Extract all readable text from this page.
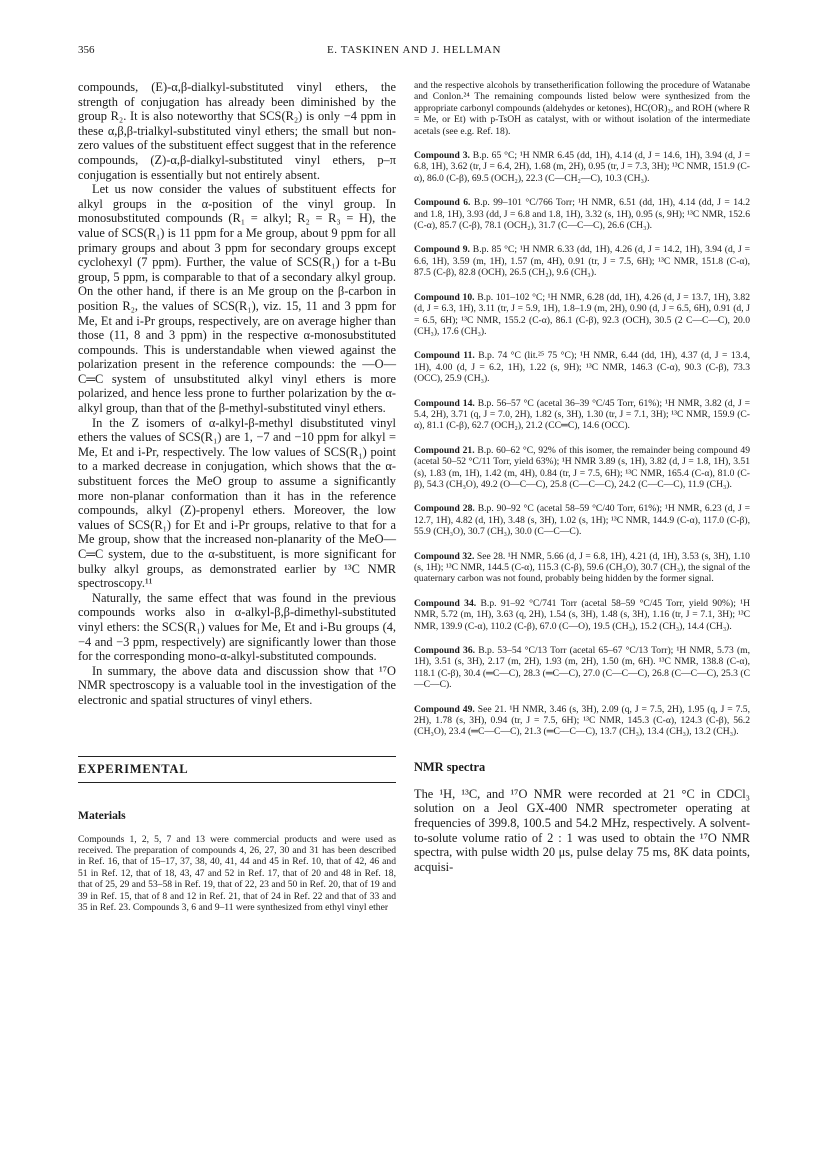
356	E. TASKINEN AND J. HELLMAN

compounds, (E)-α,β-dialkyl-substituted vinyl ethers, the strength of conjugation has already been diminished by the group R₂. It is also noteworthy that SCS(R₂) is only −4 ppm in these α,β,β-trialkyl-substituted vinyl ethers; the small but non-zero values of the substituent effect suggest that in the reference compounds, (Z)-α,β-dialkyl-substituted vinyl ethers, p–π conjugation is essentially but not entirely absent.

Let us now consider the values of substituent effects for alkyl groups in the α-position of the vinyl group. In monosubstituted compounds (R₁ = alkyl; R₂ = R₃ = H), the value of SCS(R₁) is 11 ppm for a Me group, about 9 ppm for all primary groups and about 3 ppm for secondary groups except cyclohexyl (7 ppm). Further, the value of SCS(R₁) for a t-Bu group, 5 ppm, is comparable to that of a secondary alkyl group. On the other hand, if there is an Me group on the β-carbon in position R₂, the values of SCS(R₁), viz. 15, 11 and 3 ppm for Me, Et and i-Pr groups, respectively, are on average higher than those (11, 8 and 3 ppm) in the respective α-monosubstituted compounds. This is understandable when viewed against the polarization present in the reference compounds: the —O—C═C system of unsubstituted alkyl vinyl ethers is more polarized, and hence less prone to further polarization by the α-alkyl group, than that of the β-methyl-substituted vinyl ethers.

In the Z isomers of α-alkyl-β-methyl disubstituted vinyl ethers the values of SCS(R₁) are 1, −7 and −10 ppm for alkyl = Me, Et and i-Pr, respectively. The low values of SCS(R₁) point to a marked decrease in conjugation, which shows that the α-substituent forces the MeO group to assume a significantly more non-planar conformation than it has in the reference compounds, alkyl (Z)-propenyl ethers. Moreover, the low values of SCS(R₁) for Et and i-Pr groups, relative to that for a Me group, show that the increased non-planarity of the MeO—C═C system, due to the α-substituent, is more significant for bulky alkyl groups, as demonstrated earlier by ¹³C NMR spectroscopy.¹¹

Naturally, the same effect that was found in the previous compounds works also in α-alkyl-β,β-dimethyl-substituted vinyl ethers: the SCS(R₁) values for Me, Et and i-Bu groups (4, −4 and −3 ppm, respectively) are significantly lower than those for the corresponding mono-α-alkyl-substituted compounds.

In summary, the above data and discussion show that ¹⁷O NMR spectroscopy is a valuable tool in the investigation of the electronic and spatial structures of vinyl ethers.

EXPERIMENTAL
Materials

Compounds 1, 2, 5, 7 and 13 were commercial products and were used as received. The preparation of compounds 4, 26, 27, 30 and 31 has been described in Ref. 16, that of 15–17, 37, 38, 40, 41, 44 and 45 in Ref. 10, that of 42, 46 and 51 in Ref. 12, that of 18, 43, 47 and 52 in Ref. 17, that of 20 and 48 in Ref. 18, that of 25, 29 and 53–58 in Ref. 19, that of 22, 23 and 50 in Ref. 20, that of 19 and 39 in Ref. 15, that of 8 and 12 in Ref. 21, that of 24 in Ref. 22 and that of 33 and 35 in Ref. 23. Compounds 3, 6 and 9–11 were synthesized from ethyl vinyl ether

and the respective alcohols by transetherification following the procedure of Watanabe and Conlon.²⁴ The remaining compounds listed below were synthesized from the appropriate carbonyl compounds (aldehydes or ketones), HC(OR)₃, and ROH (where R = Me, or Et) with p-TsOH as catalyst, with or without isolation of the intermediate acetals (see e.g. Ref. 18).

Compound 3. B.p. 65 °C; ¹H NMR 6.45 (dd, 1H), 4.14 (d, J = 14.6, 1H), 3.94 (d, J = 6.8, 1H), 3.62 (tr, J = 6.4, 2H), 1.68 (m, 2H), 0.95 (tr, J = 7.3, 3H); ¹³C NMR, 151.9 (C-α), 86.0 (C-β), 69.5 (OCH₂), 22.3 (C—CH₂—C), 10.3 (CH₃).

Compound 6. B.p. 99–101 °C/766 Torr; ¹H NMR, 6.51 (dd, 1H), 4.14 (dd, J = 14.2 and 1.8, 1H), 3.93 (dd, J = 6.8 and 1.8, 1H), 3.32 (s, 1H), 0.95 (s, 9H); ¹³C NMR, 152.6 (C-α), 85.7 (C-β), 78.1 (OCH₂), 31.7 (C—C—C), 26.6 (CH₃).

Compound 9. B.p. 85 °C; ¹H NMR 6.33 (dd, 1H), 4.26 (d, J = 14.2, 1H), 3.94 (d, J = 6.6, 1H), 3.59 (m, 1H), 1.57 (m, 4H), 0.91 (tr, J = 7.5, 6H); ¹³C NMR, 151.8 (C-α), 87.5 (C-β), 82.8 (OCH), 26.5 (CH₂), 9.6 (CH₃).

Compound 10. B.p. 101–102 °C; ¹H NMR, 6.28 (dd, 1H), 4.26 (d, J = 13.7, 1H), 3.82 (d, J = 6.3, 1H), 3.11 (tr, J = 5.9, 1H), 1.8–1.9 (m, 2H), 0.90 (d, J = 6.5, 6H), 0.91 (d, J = 6.5, 6H); ¹³C NMR, 155.2 (C-α), 86.1 (C-β), 92.3 (OCH), 30.5 (2 C—C—C), 20.0 (CH₃), 17.6 (CH₃).

Compound 11. B.p. 74 °C (lit.²⁵ 75 °C); ¹H NMR, 6.44 (dd, 1H), 4.37 (d, J = 13.4, 1H), 4.00 (d, J = 6.2, 1H), 1.22 (s, 9H); ¹³C NMR, 146.3 (C-α), 90.3 (C-β), 73.3 (OCC), 25.9 (CH₃).

Compound 14. B.p. 56–57 °C (acetal 36–39 °C/45 Torr, 61%); ¹H NMR, 3.82 (d, J = 5.4, 2H), 3.71 (q, J = 7.0, 2H), 1.82 (s, 3H), 1.30 (tr, J = 7.1, 3H); ¹³C NMR, 159.9 (C-α), 81.1 (C-β), 62.7 (OCH₂), 21.2 (CC═C), 14.6 (OCC).

Compound 21. B.p. 60–62 °C, 92% of this isomer, the remainder being compound 49 (acetal 50–52 °C/11 Torr, yield 63%); ¹H NMR 3.89 (s, 1H), 3.82 (d, J = 1.8, 1H), 3.51 (s), 1.83 (m, 1H), 1.42 (m, 4H), 0.84 (tr, J = 7.5, 6H); ¹³C NMR, 165.4 (C-α), 81.0 (C-β), 54.3 (CH₃O), 49.2 (O—C—C), 25.8 (C—C—C), 24.2 (C—C—C), 11.9 (CH₃).

Compound 28. B.p. 90–92 °C (acetal 58–59 °C/40 Torr, 61%); ¹H NMR, 6.23 (d, J = 12.7, 1H), 4.82 (d, 1H), 3.48 (s, 3H), 1.02 (s, 1H); ¹³C NMR, 144.9 (C-α), 117.0 (C-β), 55.9 (CH₃O), 30.7 (CH₃), 30.0 (C—C—C).

Compound 32. See 28. ¹H NMR, 5.66 (d, J = 6.8, 1H), 4.21 (d, 1H), 3.53 (s, 3H), 1.10 (s, 1H); ¹³C NMR, 144.5 (C-α), 115.3 (C-β), 59.6 (CH₃O), 30.7 (CH₃), the signal of the quaternary carbon was not found, probably being hidden by the former signal.

Compound 34. B.p. 91–92 °C/741 Torr (acetal 58–59 °C/45 Torr, yield 90%); ¹H NMR, 5.72 (m, 1H), 3.63 (q, 2H), 1.54 (s, 3H), 1.48 (s, 3H), 1.16 (tr, J = 7.1, 3H); ¹³C NMR, 139.9 (C-α), 110.2 (C-β), 67.0 (C—O), 19.5 (CH₃), 15.2 (CH₃), 14.4 (CH₃).

Compound 36. B.p. 53–54 °C/13 Torr (acetal 65–67 °C/13 Torr); ¹H NMR, 5.73 (m, 1H), 3.51 (s, 3H), 2.17 (m, 2H), 1.93 (m, 2H), 1.50 (m, 6H). ¹³C NMR, 138.8 (C-α), 118.1 (C-β), 30.4 (═C—C), 28.3 (═C—C), 27.0 (C—C—C), 26.8 (C—C—C), 25.3 (C—C—C).

Compound 49. See 21. ¹H NMR, 3.46 (s, 3H), 2.09 (q, J = 7.5, 2H), 1.95 (q, J = 7.5, 2H), 1.78 (s, 3H), 0.94 (tr, J = 7.5, 6H); ¹³C NMR, 145.3 (C-α), 124.3 (C-β), 56.2 (CH₃O), 23.4 (═C—C—C), 21.3 (═C—C—C), 13.7 (CH₃), 13.4 (CH₃), 13.2 (CH₃).

NMR spectra

The ¹H, ¹³C, and ¹⁷O NMR were recorded at 21 °C in CDCl₃ solution on a Jeol GX-400 NMR spectrometer operating at frequencies of 399.8, 100.5 and 54.2 MHz, respectively. A solvent-to-solute volume ratio of 2 : 1 was used to obtain the ¹⁷O NMR spectra, with pulse width 20 μs, pulse delay 75 ms, 8K data points, acquisi-
